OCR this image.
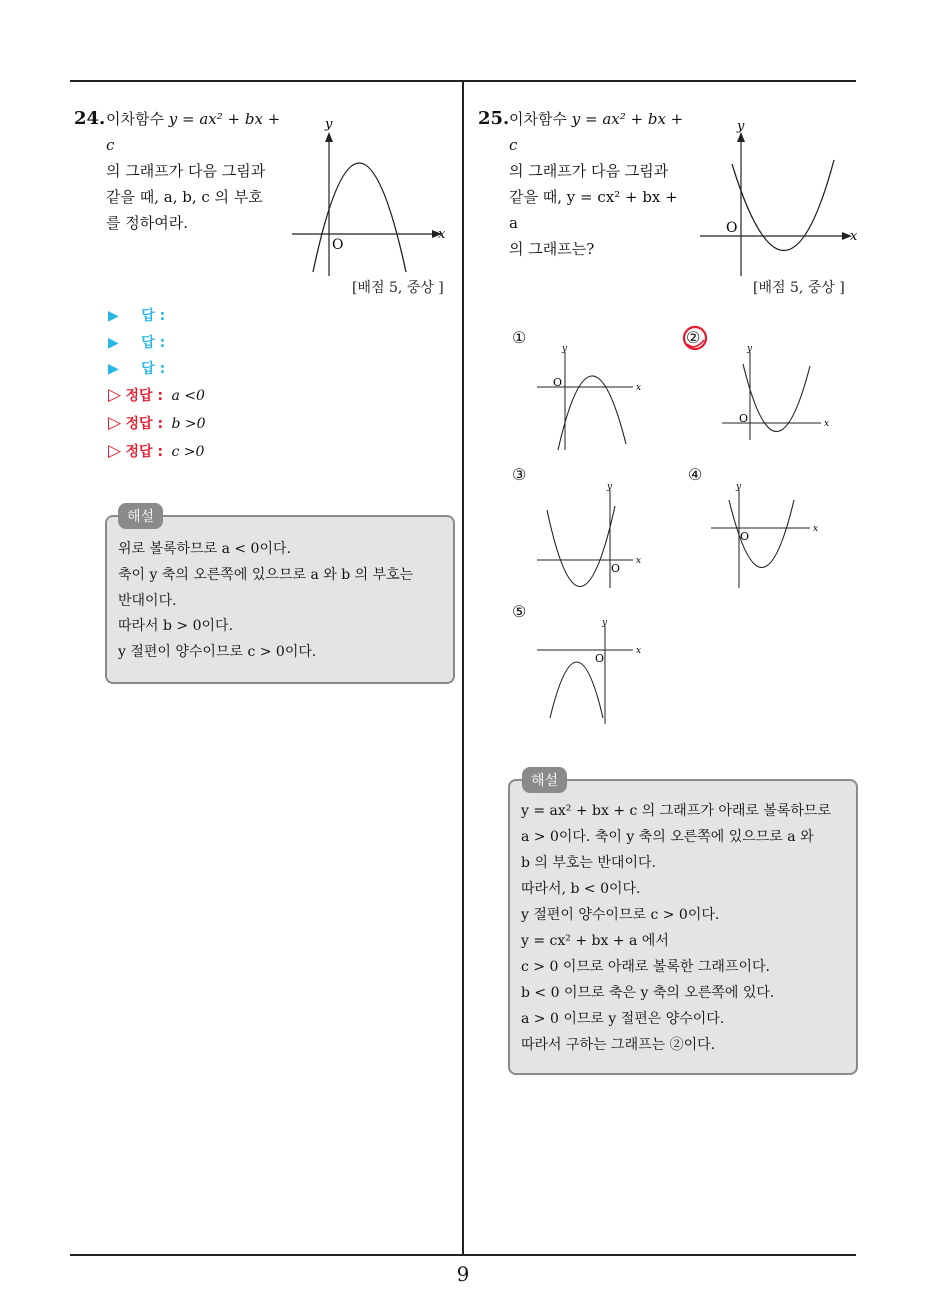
9
24. 이차함수 y = ax² + bx + c
의 그래프가 다음 그림과
같을 때, a, b, c 의 부호
를 정하여라.
x
y
O
[배점 5, 중상 ]
▶ 답 :
▶ 답 :
▶ 답 :
▷ 정답 : a <0
▷ 정답 : b >0
▷ 정답 : c >0
해설
위로 볼록하므로 a < 0이다.
축이 y 축의 오른쪽에 있으므로 a 와 b 의 부호는
반대이다.
따라서 b > 0이다.
y 절편이 양수이므로 c > 0이다.
25. 이차함수 y = ax² + bx + c
의 그래프가 다음 그림과
같을 때, y = cx² + bx + a
의 그래프는?
x
y
O
[배점 5, 중상 ]
①
x
y
O
②
x
y
O
③
x
y
O
④
x
y
O
⑤
x
y
O
해설
y = ax² + bx + c 의 그래프가 아래로 볼록하므로
a > 0이다. 축이 y 축의 오른쪽에 있으므로 a 와
b 의 부호는 반대이다.
따라서, b < 0이다.
y 절편이 양수이므로 c > 0이다.
y = cx² + bx + a 에서
c > 0 이므로 아래로 볼록한 그래프이다.
b < 0 이므로 축은 y 축의 오른쪽에 있다.
a > 0 이므로 y 절편은 양수이다.
따라서 구하는 그래프는 ②이다.
